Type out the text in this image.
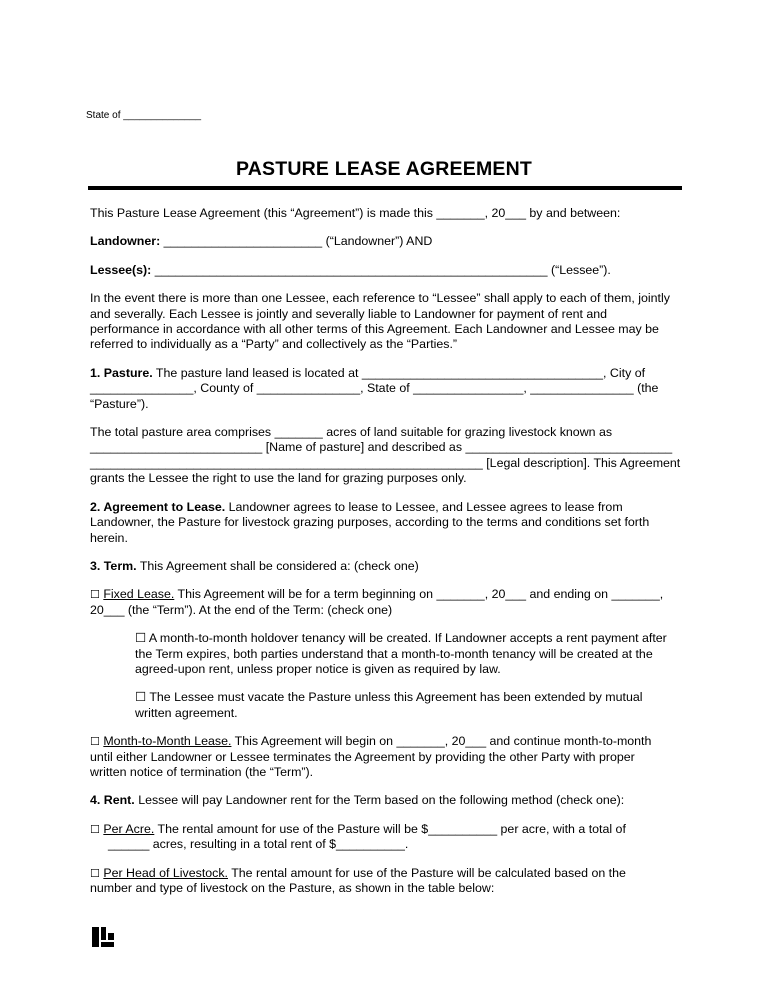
State of ______________
PASTURE LEASE AGREEMENT

This Pasture Lease Agreement (this “Agreement”) is made this _______, 20___ by and between:

Landowner: _______________________ (“Landowner”) AND

Lessee(s): _________________________________________________________ (“Lessee”).

In the event there is more than one Lessee, each reference to “Lessee” shall apply to each of them, jointly

and severally. Each Lessee is jointly and severally liable to Landowner for payment of rent and

performance in accordance with all other terms of this Agreement. Each Landowner and Lessee may be

referred to individually as a “Party” and collectively as the “Parties.”

1. Pasture. The pasture land leased is located at ___________________________________, City of

_______________, County of _______________, State of ________________, _______________ (the

“Pasture”).

The total pasture area comprises _______ acres of land suitable for grazing livestock known as

_________________________ [Name of pasture] and described as ______________________________

_________________________________________________________ [Legal description]. This Agreement

grants the Lessee the right to use the land for grazing purposes only.

2. Agreement to Lease. Landowner agrees to lease to Lessee, and Lessee agrees to lease from

Landowner, the Pasture for livestock grazing purposes, according to the terms and conditions set forth

herein.

3. Term. This Agreement shall be considered a: (check one)

☐ Fixed Lease. This Agreement will be for a term beginning on _______, 20___ and ending on _______,

20___ (the “Term”). At the end of the Term: (check one)

☐ A month-to-month holdover tenancy will be created. If Landowner accepts a rent payment after

the Term expires, both parties understand that a month-to-month tenancy will be created at the

agreed-upon rent, unless proper notice is given as required by law.

☐ The Lessee must vacate the Pasture unless this Agreement has been extended by mutual

written agreement.

☐ Month-to-Month Lease. This Agreement will begin on _______, 20___ and continue month-to-month

until either Landowner or Lessee terminates the Agreement by providing the other Party with proper

written notice of termination (the “Term”).

4. Rent. Lessee will pay Landowner rent for the Term based on the following method (check one):

☐ Per Acre. The rental amount for use of the Pasture will be $__________ per acre, with a total of

______ acres, resulting in a total rent of $__________.

☐ Per Head of Livestock. The rental amount for use of the Pasture will be calculated based on the

number and type of livestock on the Pasture, as shown in the table below:
